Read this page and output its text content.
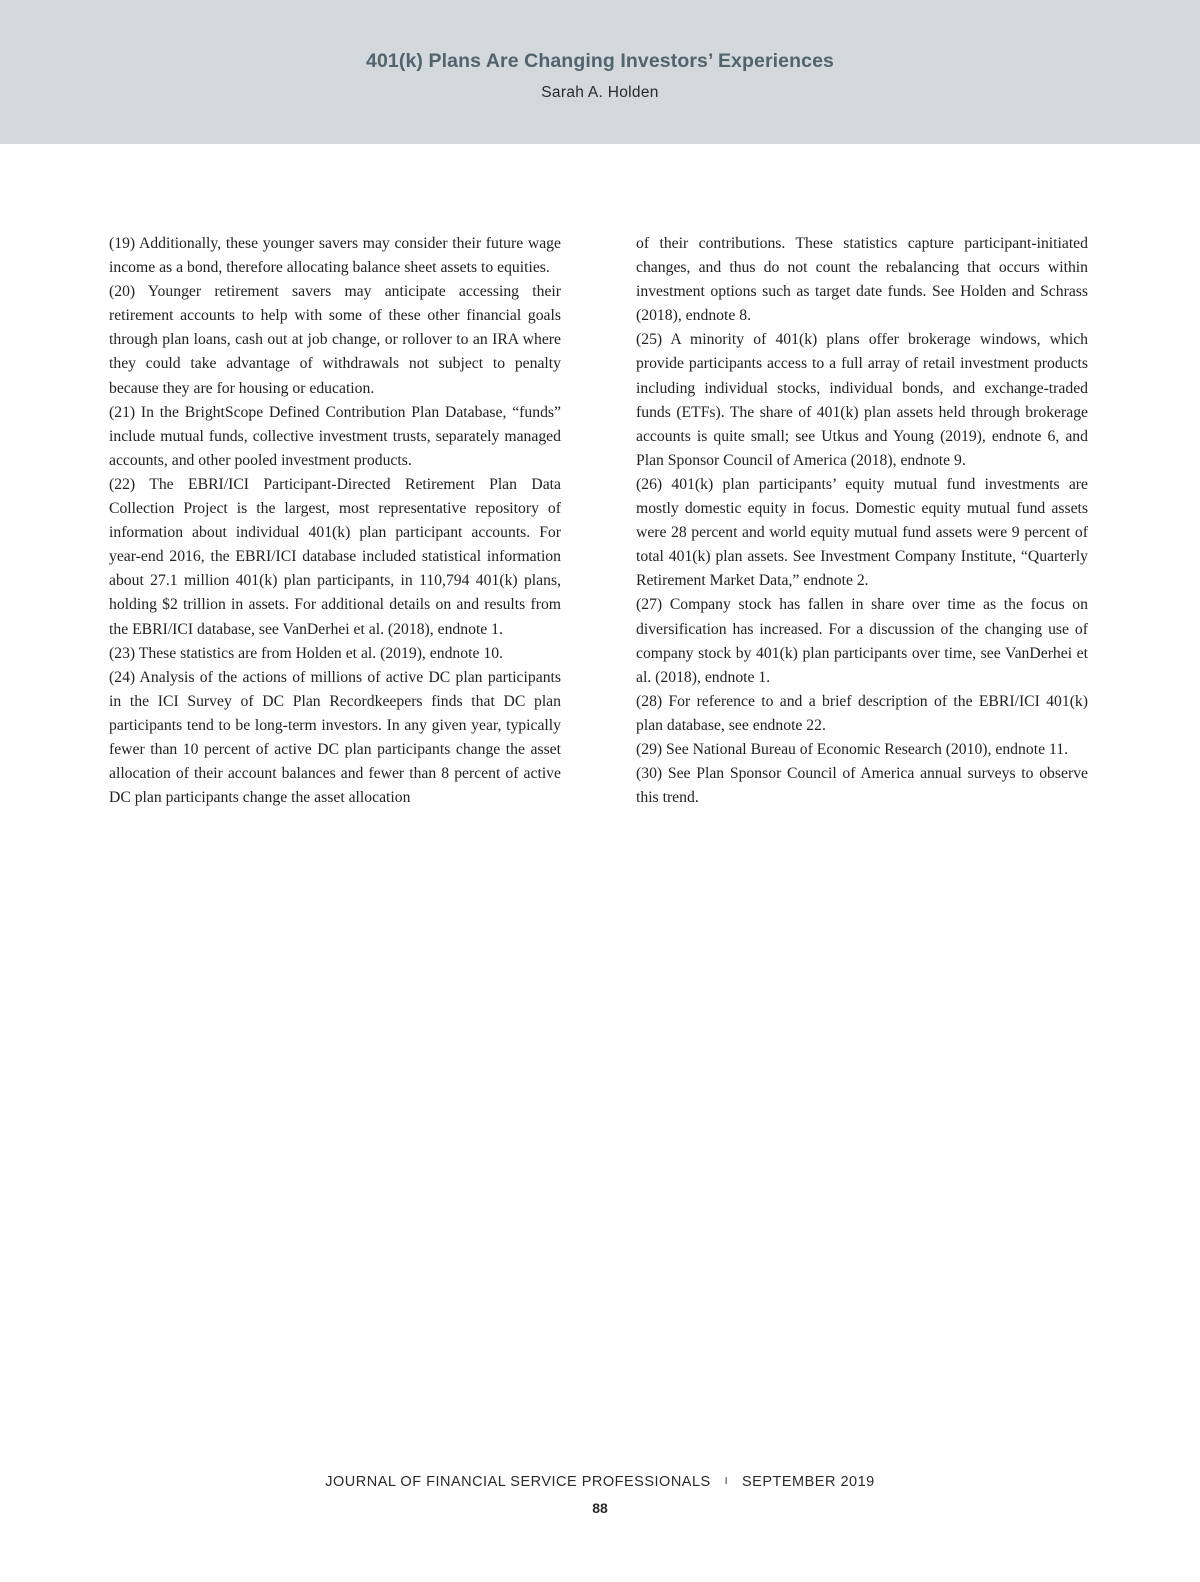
401(k) Plans Are Changing Investors’ Experiences
Sarah A. Holden

(19) Additionally, these younger savers may consider their future wage income as a bond, therefore allocating balance sheet assets to equities.

(20) Younger retirement savers may anticipate accessing their retirement accounts to help with some of these other financial goals through plan loans, cash out at job change, or rollover to an IRA where they could take advantage of withdrawals not subject to penalty because they are for housing or education.

(21) In the BrightScope Defined Contribution Plan Database, “funds” include mutual funds, collective investment trusts, separately managed accounts, and other pooled investment products.

(22) The EBRI/ICI Participant-Directed Retirement Plan Data Collection Project is the largest, most representative repository of information about individual 401(k) plan participant accounts. For year-end 2016, the EBRI/ICI database included statistical information about 27.1 million 401(k) plan participants, in 110,794 401(k) plans, holding $2 trillion in assets. For additional details on and results from the EBRI/ICI database, see VanDerhei et al. (2018), endnote 1.

(23) These statistics are from Holden et al. (2019), endnote 10.

(24) Analysis of the actions of millions of active DC plan participants in the ICI Survey of DC Plan Recordkeepers finds that DC plan participants tend to be long-term investors. In any given year, typically fewer than 10 percent of active DC plan participants change the asset allocation of their account balances and fewer than 8 percent of active DC plan participants change the asset allocation

of their contributions. These statistics capture participant-initiated changes, and thus do not count the rebalancing that occurs within investment options such as target date funds. See Holden and Schrass (2018), endnote 8.

(25) A minority of 401(k) plans offer brokerage windows, which provide participants access to a full array of retail investment products including individual stocks, individual bonds, and exchange-traded funds (ETFs). The share of 401(k) plan assets held through brokerage accounts is quite small; see Utkus and Young (2019), endnote 6, and Plan Sponsor Council of America (2018), endnote 9.

(26) 401(k) plan participants’ equity mutual fund investments are mostly domestic equity in focus. Domestic equity mutual fund assets were 28 percent and world equity mutual fund assets were 9 percent of total 401(k) plan assets. See Investment Company Institute, “Quarterly Retirement Market Data,” endnote 2.

(27) Company stock has fallen in share over time as the focus on diversification has increased. For a discussion of the changing use of company stock by 401(k) plan participants over time, see VanDerhei et al. (2018), endnote 1.

(28) For reference to and a brief description of the EBRI/ICI 401(k) plan database, see endnote 22.

(29) See National Bureau of Economic Research (2010), endnote 11.

(30) See Plan Sponsor Council of America annual surveys to observe this trend.

JOURNAL OF FINANCIAL SERVICE PROFESSIONALS I SEPTEMBER 2019
88
